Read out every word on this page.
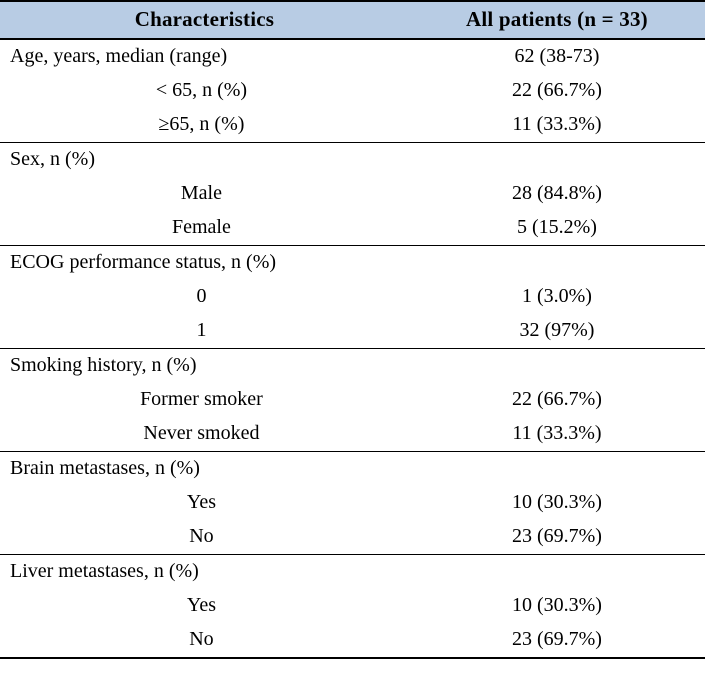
Characteristics	All patients (n = 33)
Age, years, median (range)	62 (38-73)
< 65, n (%)	22 (66.7%)
≥65, n (%)	11 (33.3%)
Sex, n (%)	
Male	28 (84.8%)
Female	5 (15.2%)
ECOG performance status, n (%)	
0	1 (3.0%)
1	32 (97%)
Smoking history, n (%)	
Former smoker	22 (66.7%)
Never smoked	11 (33.3%)
Brain metastases, n (%)	
Yes	10 (30.3%)
No	23 (69.7%)
Liver metastases, n (%)	
Yes	10 (30.3%)
No	23 (69.7%)
